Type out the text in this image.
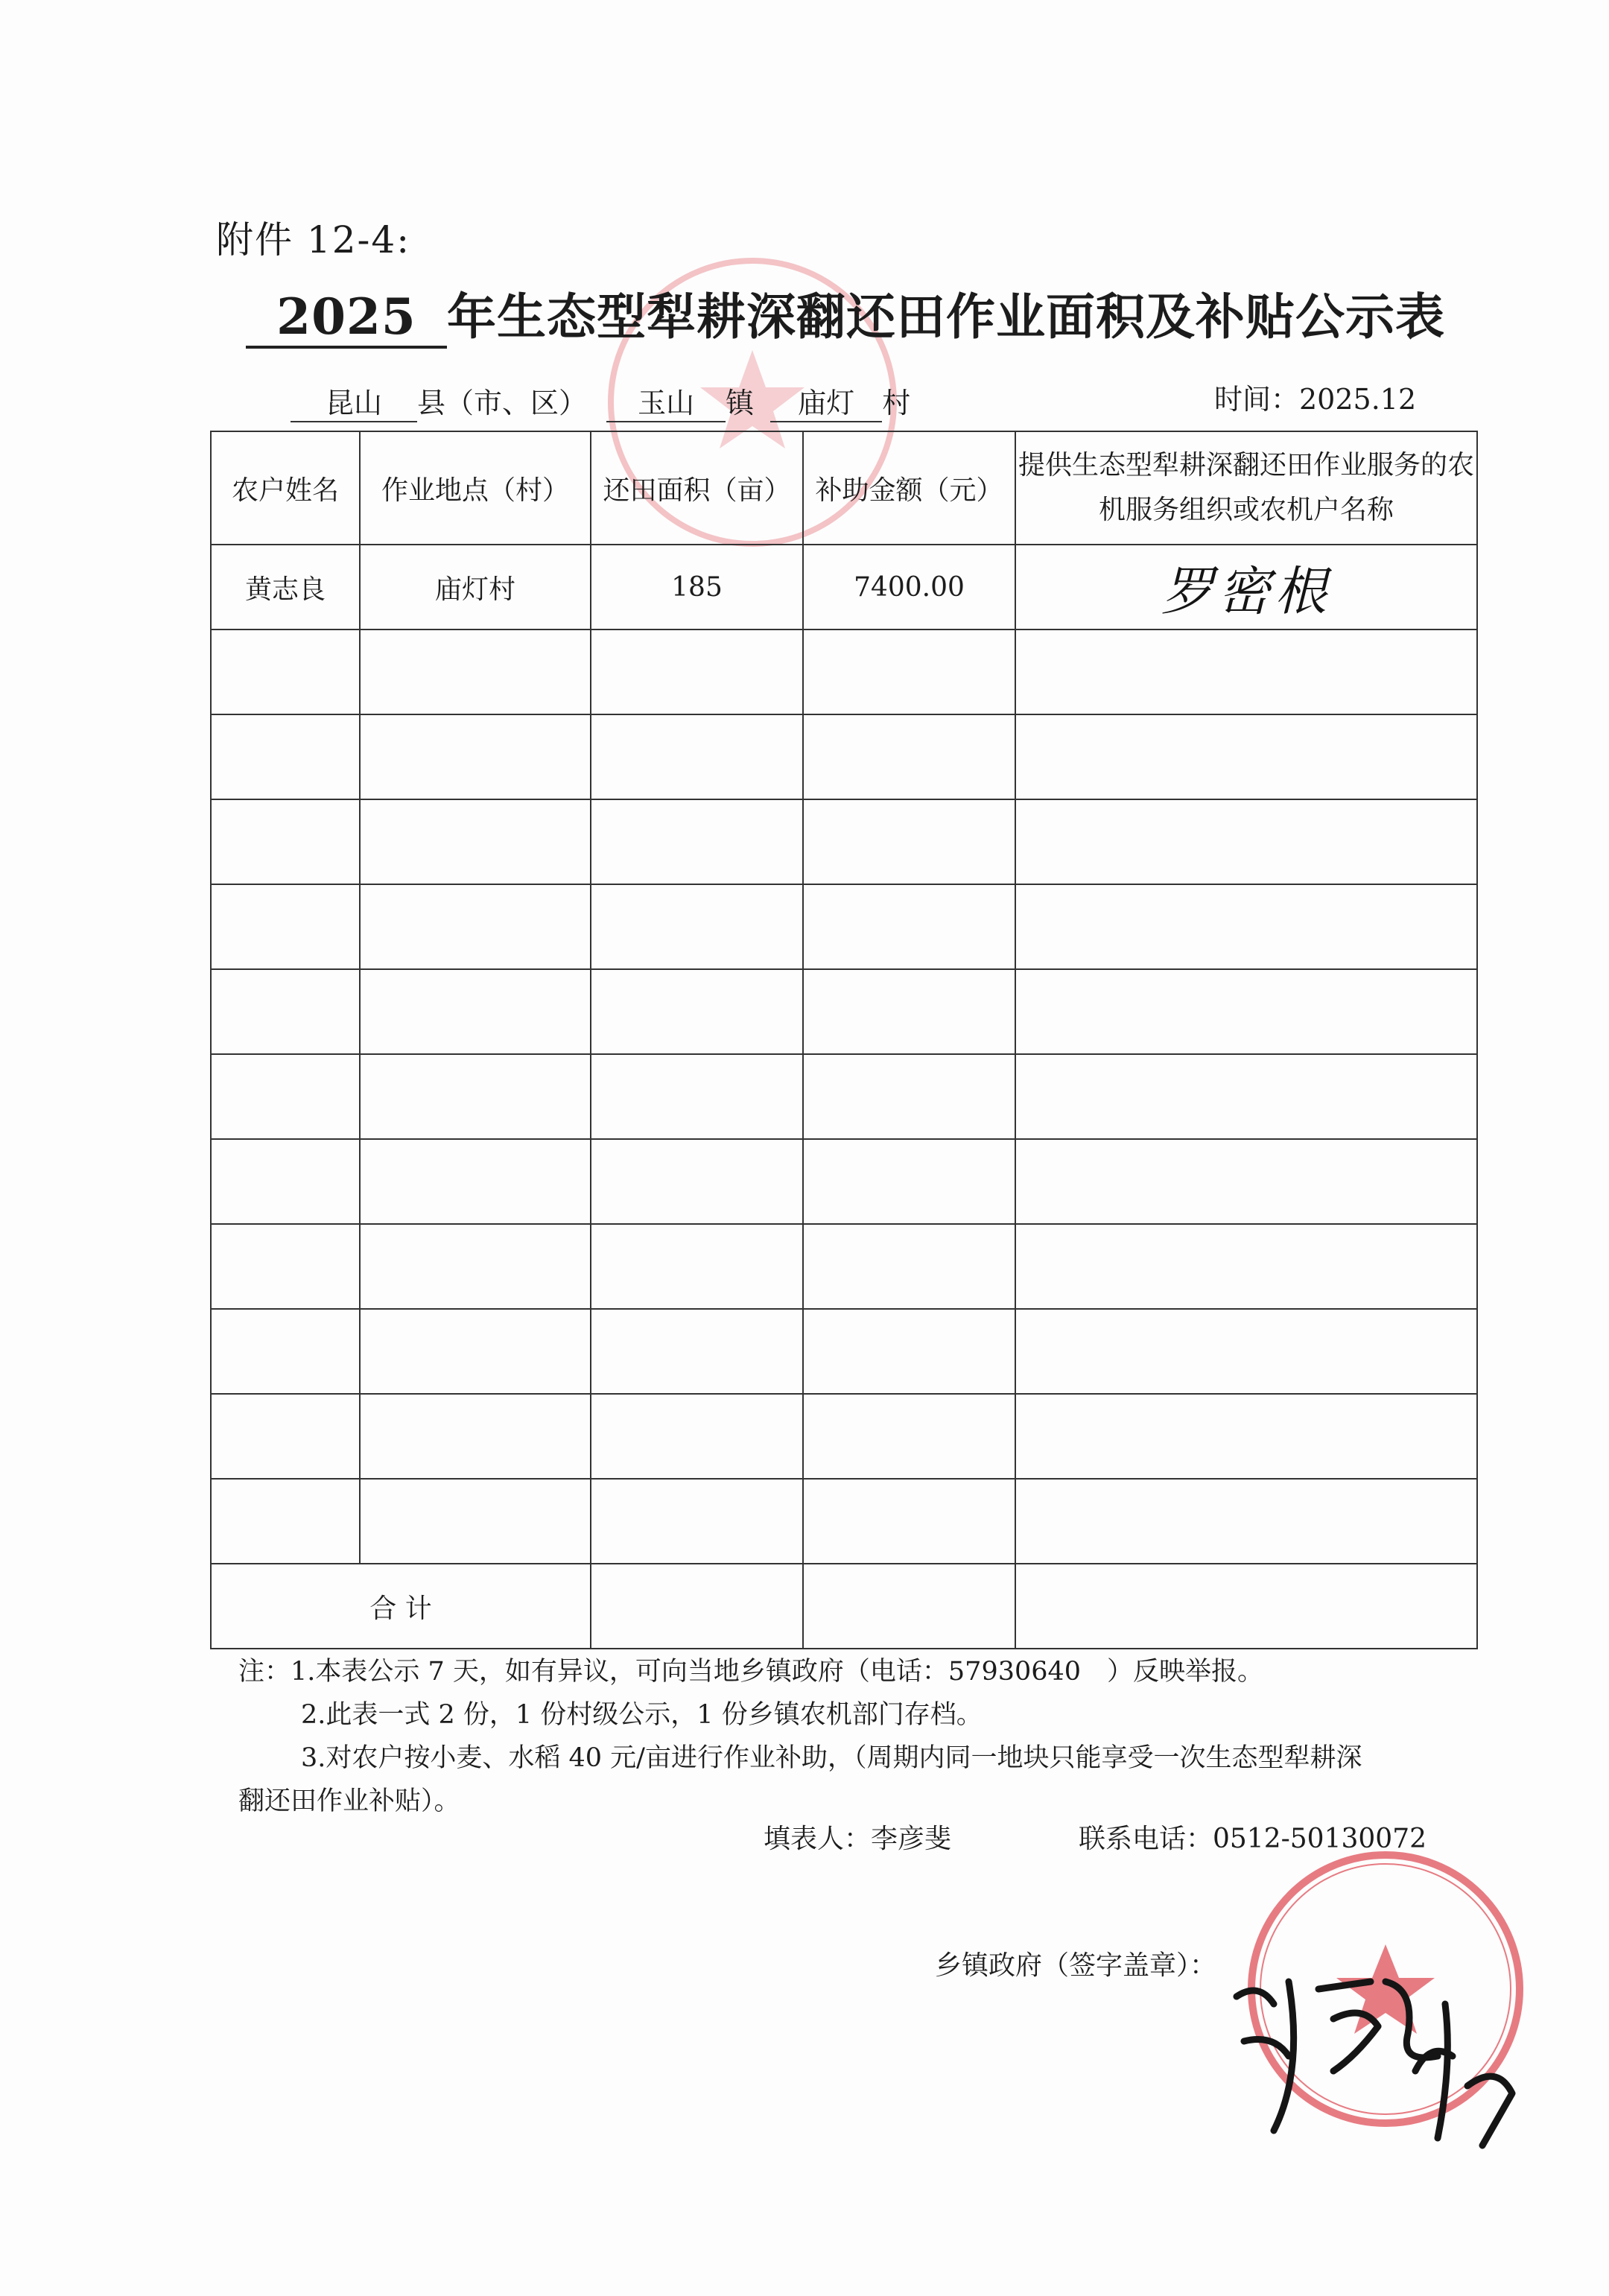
附件 12-4:
2025 年生态型犁耕深翻还田作业面积及补贴公示表
昆山 县（市、区） 玉山 镇 庙灯 村	时间：2025.12
农户姓名	作业地点（村）	还田面积（亩）	补助金额（元）	提供生态型犁耕深翻还田作业服务的农机服务组织或农机户名称
黄志良	庙灯村	185	7400.00	罗密根

合 计				

注：1.本表公示 7 天，如有异议，可向当地乡镇政府（电话：57930640　）反映举报。

2.此表一式 2 份，1 份村级公示，1 份乡镇农机部门存档。

3.对农户按小麦、水稻 40 元/亩进行作业补助，（周期内同一地块只能享受一次生态型犁耕深

翻还田作业补贴）。

填表人：李彦斐	联系电话：0512-50130072
乡镇政府（签字盖章）：
